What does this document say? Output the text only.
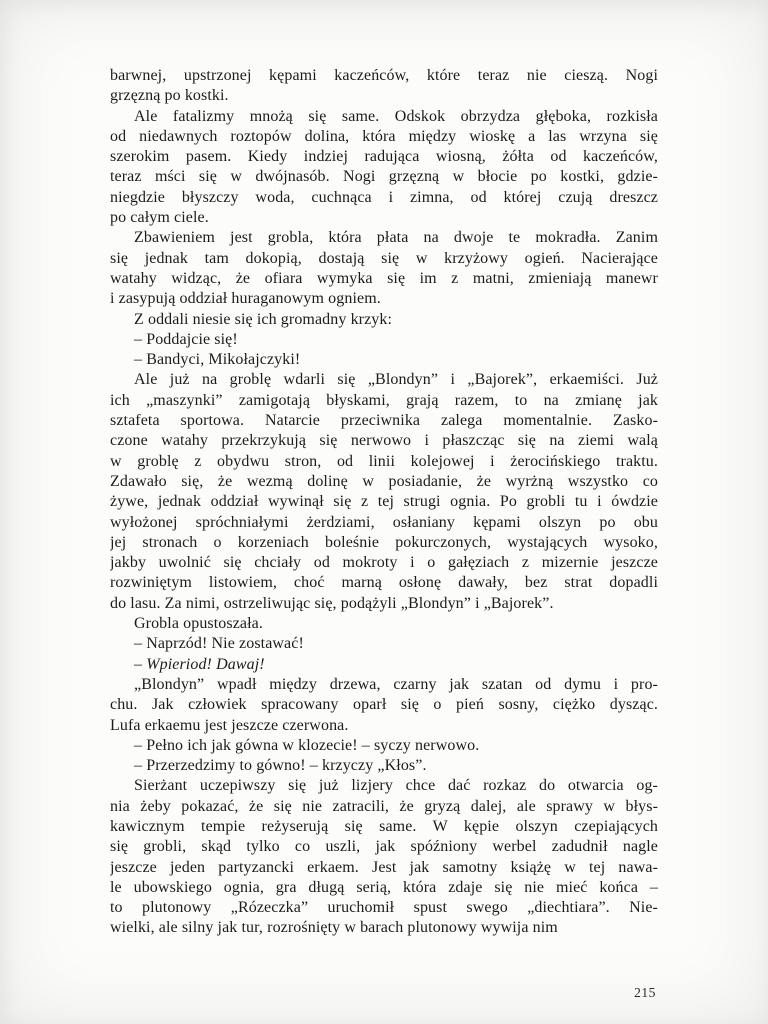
barwnej, upstrzonej kępami kaczeńców, które teraz nie cieszą. Nogi
grzęzną po kostki.
Ale fatalizmy mnożą się same. Odskok obrzydza głęboka, rozkisła
od niedawnych roztopów dolina, która między wioskę a las wrzyna się
szerokim pasem. Kiedy indziej radująca wiosną, żółta od kaczeńców,
teraz mści się w dwójnasób. Nogi grzęzną w błocie po kostki, gdzie-
niegdzie błyszczy woda, cuchnąca i zimna, od której czują dreszcz
po całym ciele.
Zbawieniem jest grobla, która płata na dwoje te mokradła. Zanim
się jednak tam dokopią, dostają się w krzyżowy ogień. Nacierające
watahy widząc, że ofiara wymyka się im z matni, zmieniają manewr
i zasypują oddział huraganowym ogniem.
Z oddali niesie się ich gromadny krzyk:
– Poddajcie się!
– Bandyci, Mikołajczyki!
Ale już na groblę wdarli się „Blondyn” i „Bajorek”, erkaemiści. Już
ich „maszynki” zamigotają błyskami, grają razem, to na zmianę jak
sztafeta sportowa. Natarcie przeciwnika zalega momentalnie. Zasko-
czone watahy przekrzykują się nerwowo i płaszcząc się na ziemi walą
w groblę z obydwu stron, od linii kolejowej i żerocińskiego traktu.
Zdawało się, że wezmą dolinę w posiadanie, że wyrżną wszystko co
żywe, jednak oddział wywinął się z tej strugi ognia. Po grobli tu i ówdzie
wyłożonej spróchniałymi żerdziami, osłaniany kępami olszyn po obu
jej stronach o korzeniach boleśnie pokurczonych, wystających wysoko,
jakby uwolnić się chciały od mokroty i o gałęziach z mizernie jeszcze
rozwiniętym listowiem, choć marną osłonę dawały, bez strat dopadli
do lasu. Za nimi, ostrzeliwując się, podążyli „Blondyn” i „Bajorek”.
Grobla opustoszała.
– Naprzód! Nie zostawać!
– Wpieriod! Dawaj!
„Blondyn” wpadł między drzewa, czarny jak szatan od dymu i pro-
chu. Jak człowiek spracowany oparł się o pień sosny, ciężko dysząc.
Lufa erkaemu jest jeszcze czerwona.
– Pełno ich jak gówna w klozecie! – syczy nerwowo.
– Przerzedzimy to gówno! – krzyczy „Kłos”.
Sierżant uczepiwszy się już lizjery chce dać rozkaz do otwarcia og-
nia żeby pokazać, że się nie zatracili, że gryzą dalej, ale sprawy w błys-
kawicznym tempie reżyserują się same. W kępie olszyn czepiających
się grobli, skąd tylko co uszli, jak spóźniony werbel zadudnił nagle
jeszcze jeden partyzancki erkaem. Jest jak samotny książę w tej nawa-
le ubowskiego ognia, gra długą serią, która zdaje się nie mieć końca –
to plutonowy „Rózeczka” uruchomił spust swego „diechtiara”. Nie-
wielki, ale silny jak tur, rozrośnięty w barach plutonowy wywija nim
215
